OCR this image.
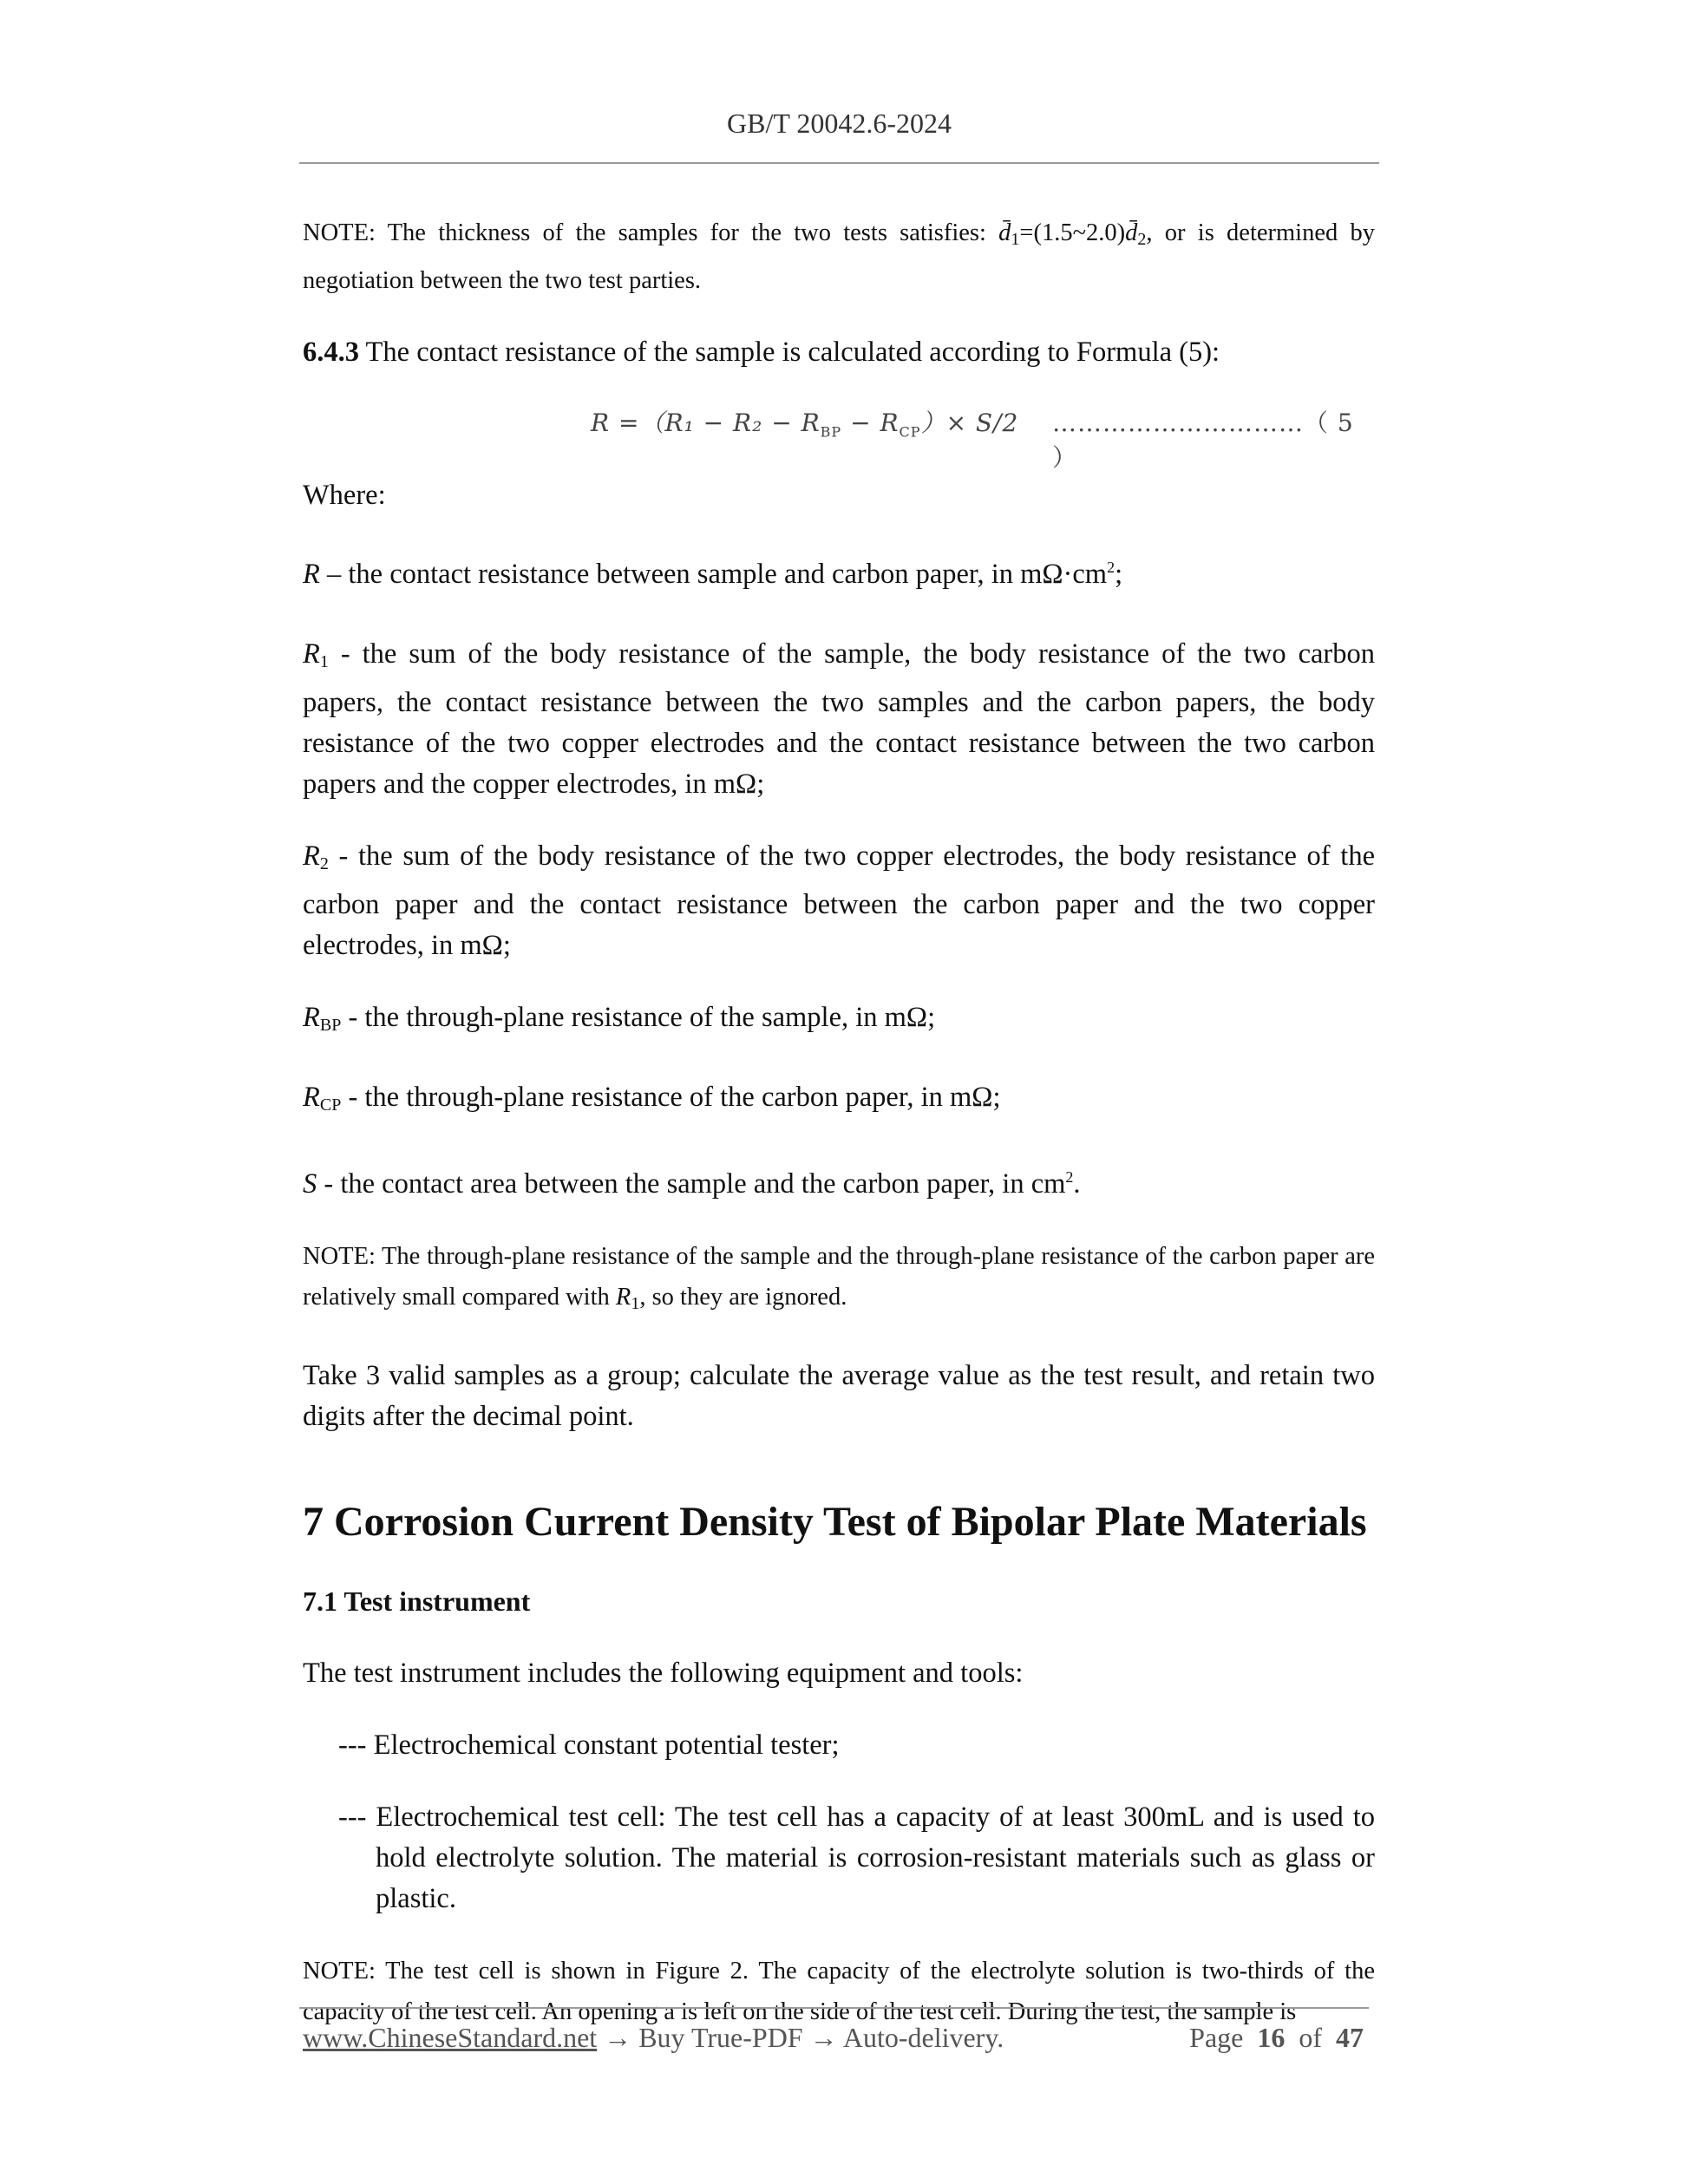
GB/T 20042.6-2024

NOTE: The thickness of the samples for the two tests satisfies: $d̄_1=(1.5\sim 2.0)d̄_2$, or is determined by negotiation between the two test parties.

6.4.3 The contact resistance of the sample is calculated according to Formula (5):

$R =(R_1 - R_2 - R_{BP} - R_{CP})\times S/2$ …………………………（ 5 ）

Where:

R – the contact resistance between sample and carbon paper, in $m\Omega\cdot cm^2$;

$R_1$ - the sum of the body resistance of the sample, the body resistance of the two carbon papers, the contact resistance between the two samples and the carbon papers, the body resistance of the two copper electrodes and the contact resistance between the two carbon papers and the copper electrodes, in mΩ;

$R_2$ - the sum of the body resistance of the two copper electrodes, the body resistance of the carbon paper and the contact resistance between the carbon paper and the two copper electrodes, in mΩ;

$R_{BP}$ - the through-plane resistance of the sample, in mΩ;

$R_{CP}$ - the through-plane resistance of the carbon paper, in mΩ;

S - the contact area between the sample and the carbon paper, in $cm^2$.

NOTE: The through-plane resistance of the sample and the through-plane resistance of the carbon paper are relatively small compared with $R_1$, so they are ignored.

Take 3 valid samples as a group; calculate the average value as the test result, and retain two digits after the decimal point.

7 Corrosion Current Density Test of Bipolar Plate Materials
7.1 Test instrument

The test instrument includes the following equipment and tools:

--- Electrochemical constant potential tester;

--- Electrochemical test cell: The test cell has a capacity of at least 300mL and is used to hold electrolyte solution. The material is corrosion-resistant materials such as glass or plastic.

NOTE: The test cell is shown in Figure 2. The capacity of the electrolyte solution is two-thirds of the capacity of the test cell. An opening a is left on the side of the test cell. During the test, the sample is

www.ChineseStandard.net → Buy True-PDF → Auto-delivery.	Page 16 of 47
